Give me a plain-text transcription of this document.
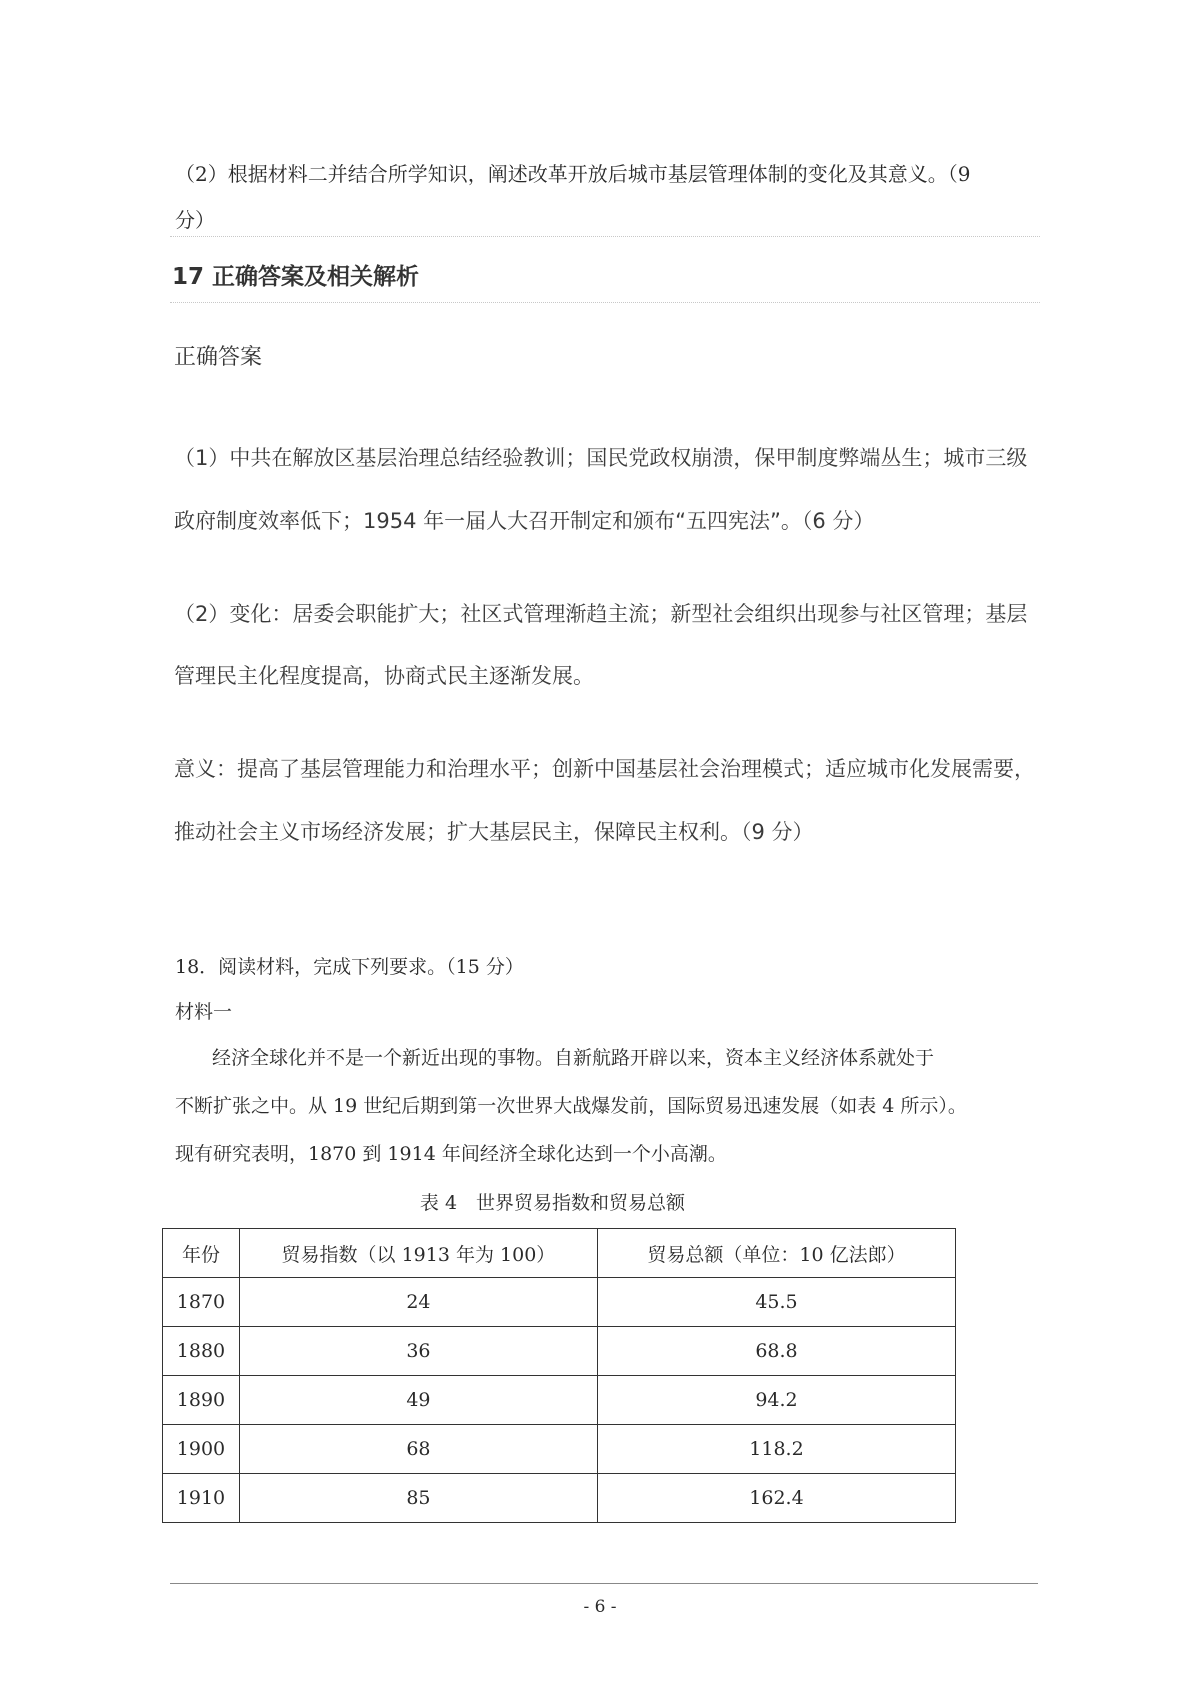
（2）根据材料二并结合所学知识，阐述改革开放后城市基层管理体制的变化及其意义。（9
分）
17 正确答案及相关解析
正确答案
（1）中共在解放区基层治理总结经验教训；国民党政权崩溃，保甲制度弊端丛生；城市三级
政府制度效率低下；1954 年一届人大召开制定和颁布“五四宪法”。（6 分）
（2）变化：居委会职能扩大；社区式管理渐趋主流；新型社会组织出现参与社区管理；基层
管理民主化程度提高，协商式民主逐渐发展。
意义：提高了基层管理能力和治理水平；创新中国基层社会治理模式；适应城市化发展需要，
推动社会主义市场经济发展；扩大基层民主，保障民主权利。（9 分）
18．阅读材料，完成下列要求。（15 分）
材料一
经济全球化并不是一个新近出现的事物。自新航路开辟以来，资本主义经济体系就处于
不断扩张之中。从 19 世纪后期到第一次世界大战爆发前，国际贸易迅速发展（如表 4 所示）。
现有研究表明，1870 到 1914 年间经济全球化达到一个小高潮。
表 4　世界贸易指数和贸易总额
年份	贸易指数（以 1913 年为 100）	贸易总额（单位：10 亿法郎）
1870	24	45.5
1880	36	68.8
1890	49	94.2
1900	68	118.2
1910	85	162.4
- 6 -
